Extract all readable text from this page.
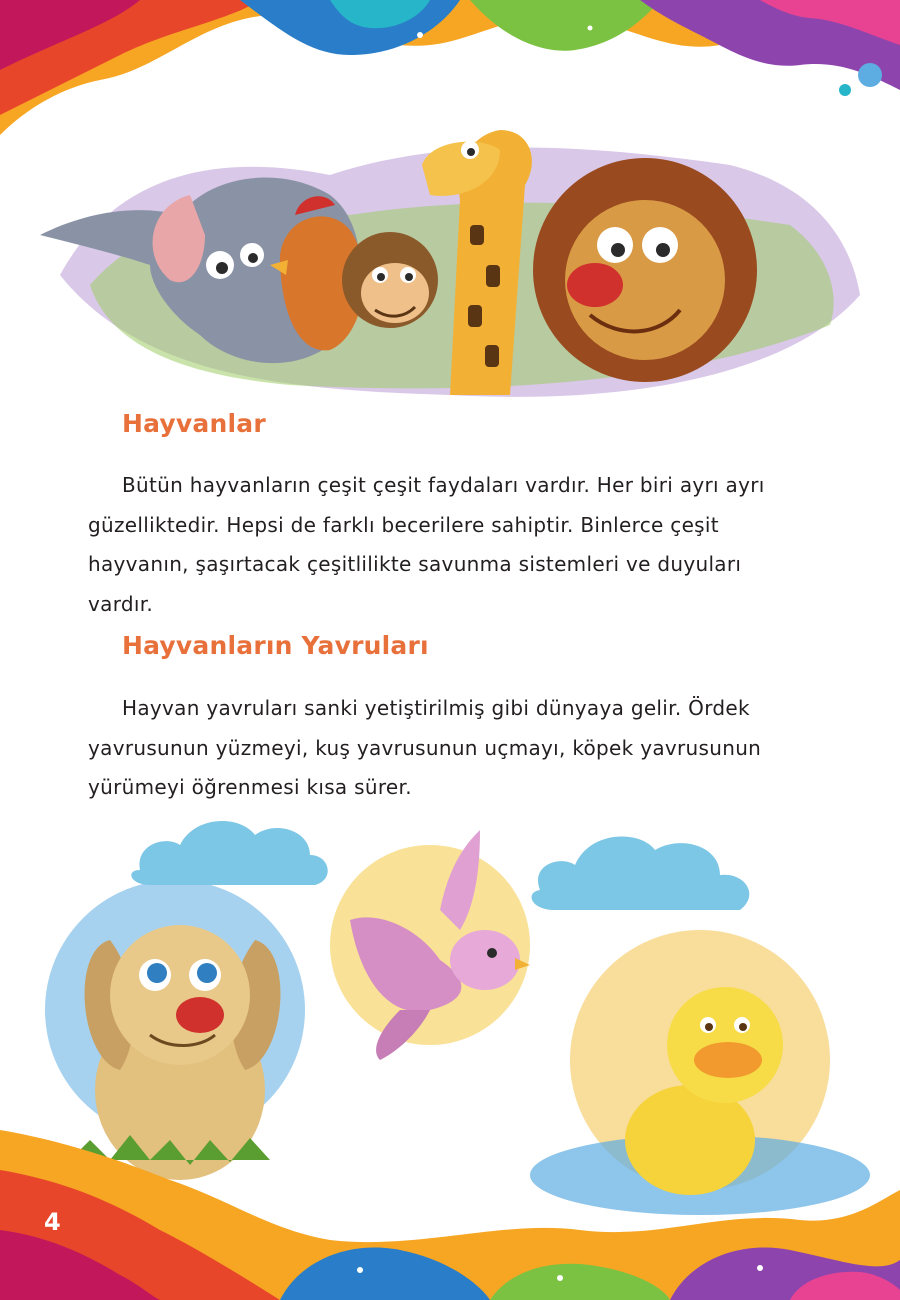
Hayvanlar

Bütün hayvanların çeşit çeşit faydaları vardır. Her biri ayrı ayrı güzelliktedir. Hepsi de farklı becerilere sahiptir. Binlerce çeşit hayvanın, şaşırtacak çeşitlilikte savunma sistemleri ve duyuları vardır.

Hayvanların Yavruları

Hayvan yavruları sanki yetiştirilmiş gibi dünyaya gelir. Ördek yavrusunun yüzmeyi, kuş yavrusunun uçmayı, köpek yavrusunun yürümeyi öğrenmesi kısa sürer.

4
